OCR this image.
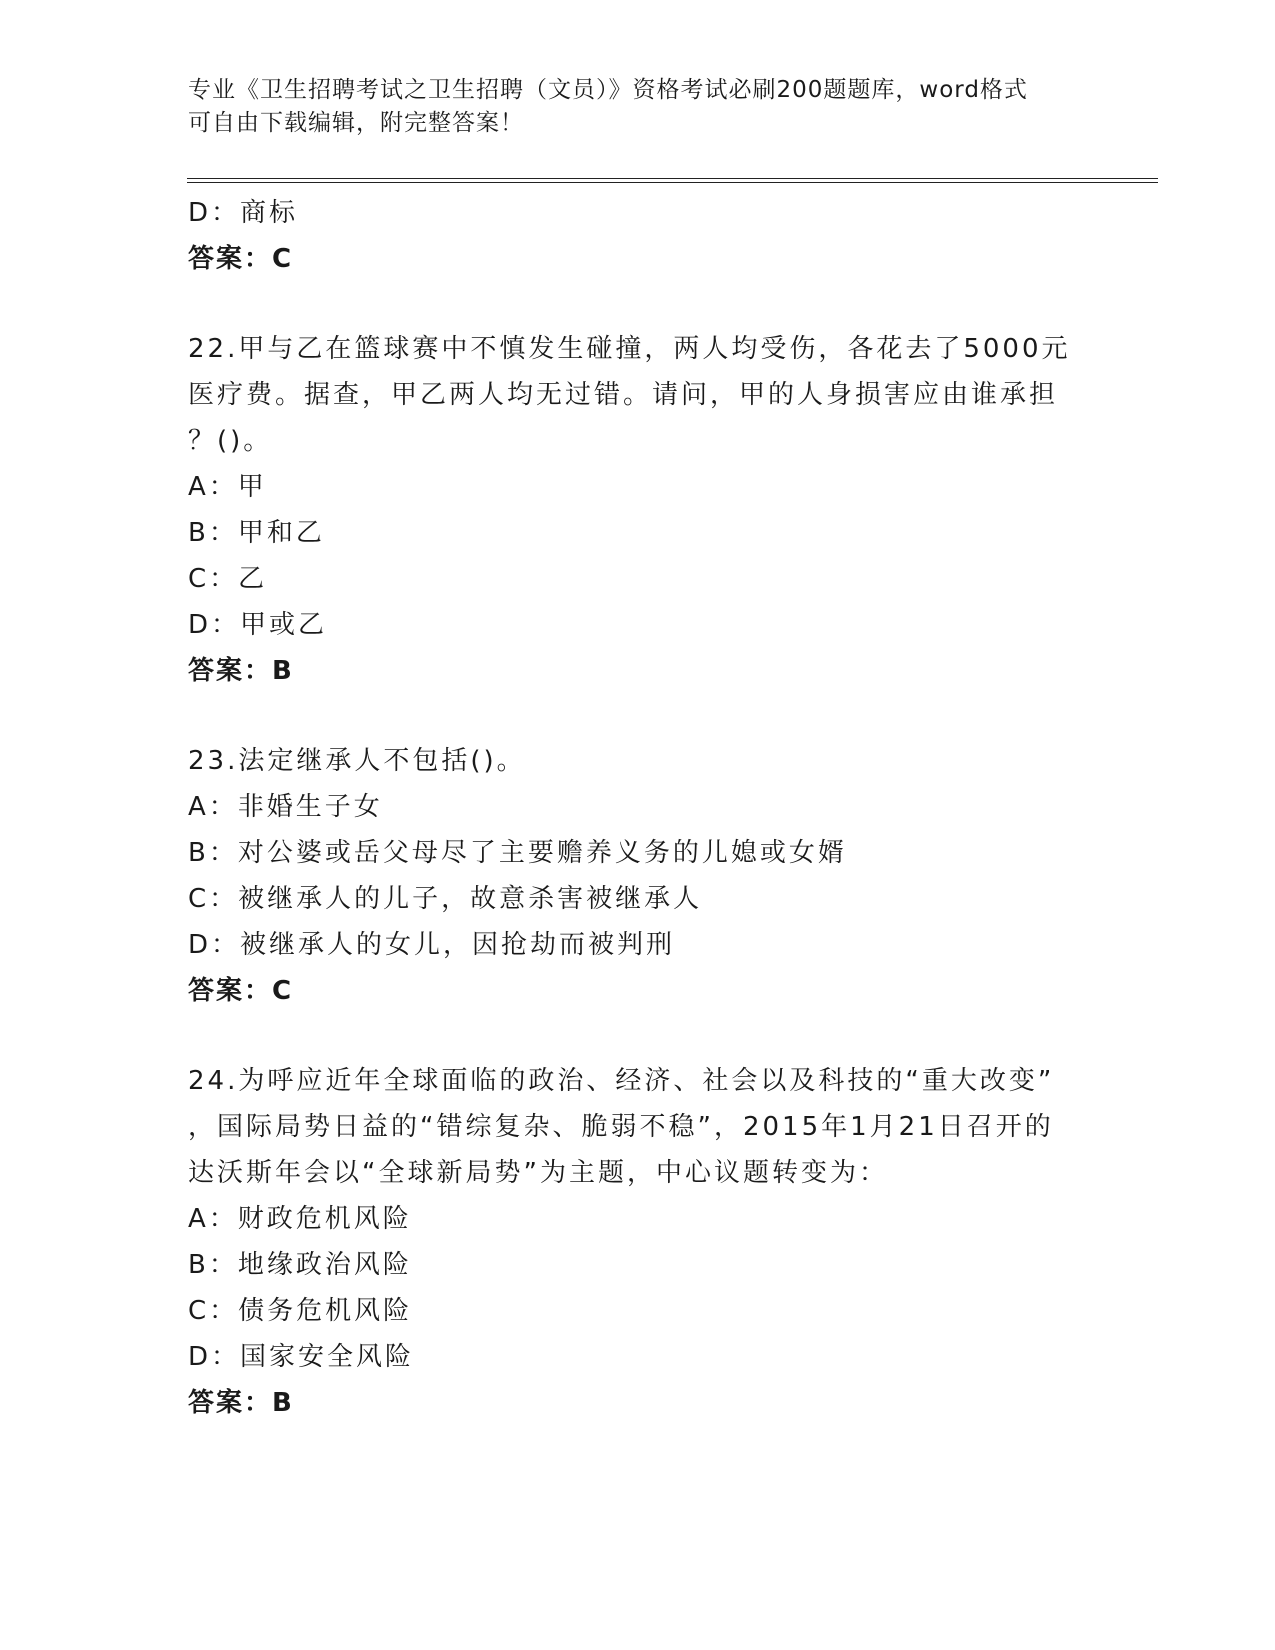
专业《卫生招聘考试之卫生招聘（文员）》资格考试必刷200题题库，word格式
可自由下载编辑，附完整答案！
D：商标
答案：C
22.甲与乙在篮球赛中不慎发生碰撞，两人均受伤，各花去了5000元
医疗费。据查，甲乙两人均无过错。请问，甲的人身损害应由谁承担
？()。
A：甲
B：甲和乙
C：乙
D：甲或乙
答案：B
23.法定继承人不包括()。
A：非婚生子女
B：对公婆或岳父母尽了主要赡养义务的儿媳或女婿
C：被继承人的儿子，故意杀害被继承人
D：被继承人的女儿，因抢劫而被判刑
答案：C
24.为呼应近年全球面临的政治、经济、社会以及科技的“重大改变”
，国际局势日益的“错综复杂、脆弱不稳”，2015年1月21日召开的
达沃斯年会以“全球新局势”为主题，中心议题转变为：
A：财政危机风险
B：地缘政治风险
C：债务危机风险
D：国家安全风险
答案：B
